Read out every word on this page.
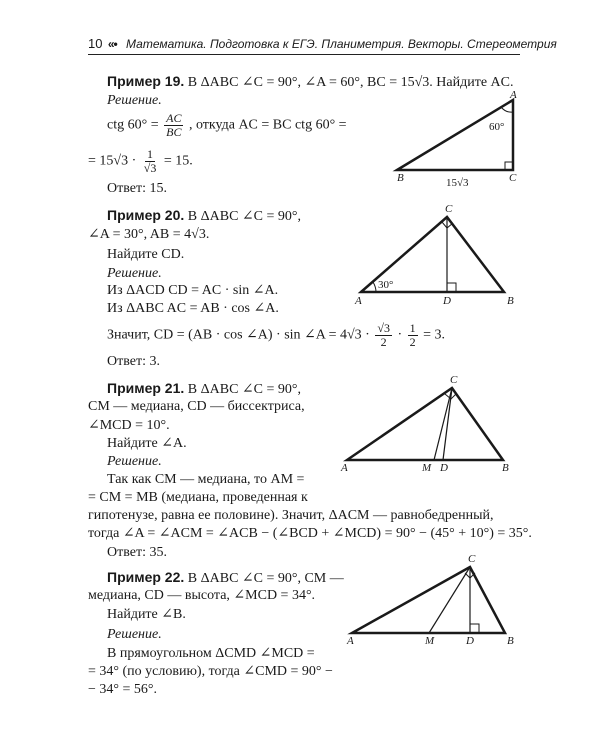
10 «• Математика. Подготовка к ЕГЭ. Планиметрия. Векторы. Стереометрия
Пример 19. В ΔABC ∠C = 90°, ∠A = 60°, BC = 15√3. Найдите AC.
Решение.
ctg $60^\circ = \frac{AC}{BC}$ , откуда AC = BC ctg 60° =
= $15√3 \cdot \frac{1}{√3} = 15$.
Ответ: 15.
Пример 20. В ΔABC ∠C = 90°,
∠A = 30°, AB = 4√3.
Найдите CD.
Решение.
Из ΔACD CD = AC · sin ∠A.
Из ΔABC AC = AB · cos ∠A.
Значит, CD = (AB · cos ∠A) · sin ∠A = $4√3 \cdot \frac{√3}{2} \cdot \frac{1}{2} = 3$.
Ответ: 3.
Пример 21. В ΔABC ∠C = 90°,
CM — медиана, CD — биссектриса,
∠MCD = 10°.
Найдите ∠A.
Решение.
Так как CM — медиана, то AM =
= CM = MB (медиана, проведенная к
гипотенузе, равна ее половине). Значит, ΔACM — равнобедренный,
тогда ∠A = ∠ACM = ∠ACB − (∠BCD + ∠MCD) = 90° − (45° + 10°) = 35°.
Ответ: 35.
Пример 22. В ΔABC ∠C = 90°, CM —
медиана, CD — высота, ∠MCD = 34°.
Найдите ∠B.
Решение.
В прямоугольном ΔCMD ∠MCD =
= 34° (по условию), тогда ∠CMD = 90° −
− 34° = 56°.
A
B	C
60°
15√3
C
A	D	B
30°
C
A	M D	B
C
A	M	D	B
